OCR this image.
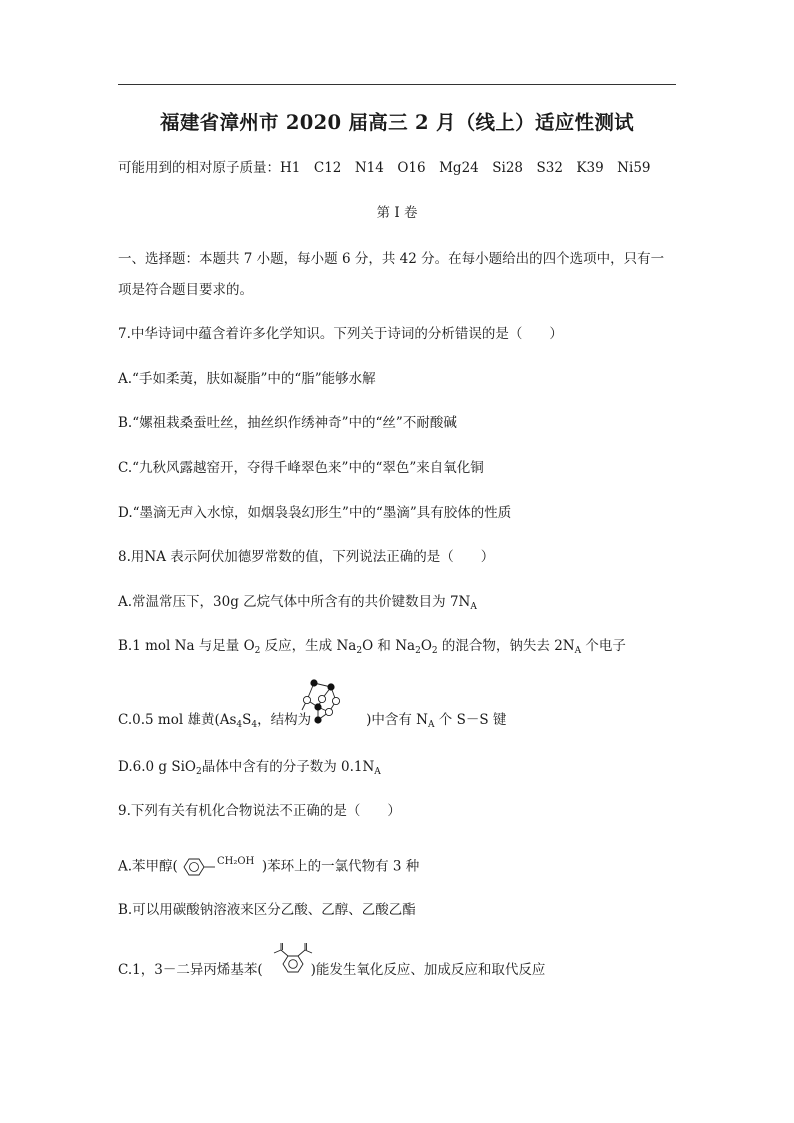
福建省漳州市 2020 届高三 2 月（线上）适应性测试
可能用到的相对原子质量：H1　C12　N14　O16　Mg24　Si28　S32　K39　Ni59
第 I 卷
一、选择题：本题共 7 小题，每小题 6 分，共 42 分。在每小题给出的四个选项中，只有一
项是符合题目要求的。
7.中华诗词中蕴含着许多化学知识。下列关于诗词的分析错误的是（　　）
A.“手如柔荑，肤如凝脂”中的“脂”能够水解
B.“嫘祖栽桑蚕吐丝，抽丝织作绣神奇”中的“丝”不耐酸碱
C.“九秋风露越窑开，夺得千峰翠色来”中的“翠色”来自氧化铜
D.“墨滴无声入水惊，如烟袅袅幻形生”中的“墨滴”具有胶体的性质
8.用NA 表示阿伏加德罗常数的值，下列说法正确的是（　　）
A.常温常压下，30g 乙烷气体中所含有的共价键数目为 $7N_A$
B.1 mol Na 与足量 $O_2$ 反应，生成 $Na_2O$ 和 $Na_2O_2$ 的混合物，钠失去 $2N_A$ 个电子
C.0.5 mol 雄黄($As_4S_4$，结构为	)中含有 $N_A$ 个 S－S 键
D.6.0 g SiO$_2$晶体中含有的分子数为 $0.1N_A$
9.下列有关有机化合物说法不正确的是（　　）
A.苯甲醇(	CH₂OH )苯环上的一氯代物有 3 种
B.可以用碳酸钠溶液来区分乙酸、乙醇、乙酸乙酯
C.1，3－二异丙烯基苯(	)能发生氧化反应、加成反应和取代反应
